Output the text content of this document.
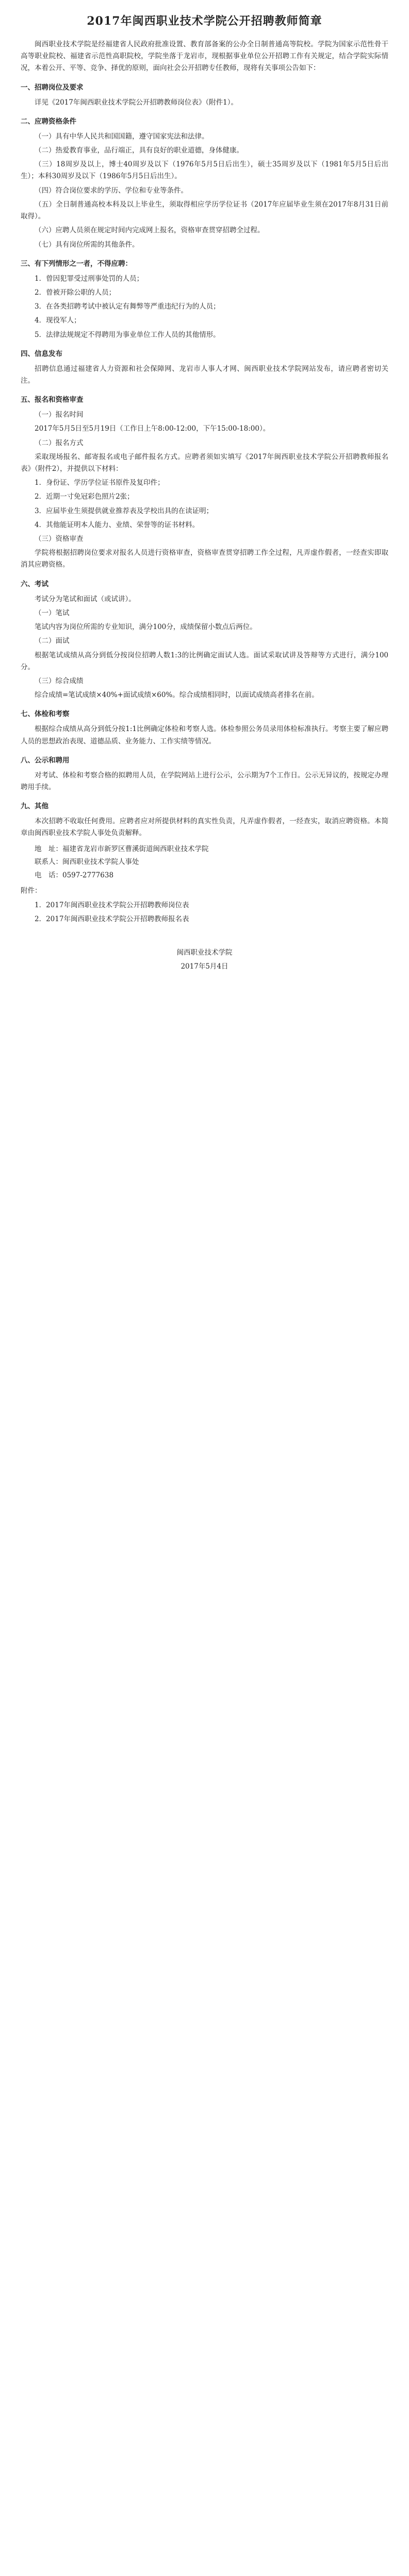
2017年闽西职业技术学院公开招聘教师简章

闽西职业技术学院是经福建省人民政府批准设置、教育部备案的公办全日制普通高等院校。学院为国家示范性骨干高等职业院校、福建省示范性高职院校，学院坐落于龙岩市，现根据事业单位公开招聘工作有关规定，结合学院实际情况，本着公开、平等、竞争、择优的原则，面向社会公开招聘专任教师，现将有关事项公告如下：

一、招聘岗位及要求

详见《2017年闽西职业技术学院公开招聘教师岗位表》（附件1）。

二、应聘资格条件

（一）具有中华人民共和国国籍，遵守国家宪法和法律。

（二）热爱教育事业，品行端正，具有良好的职业道德，身体健康。

（三）18周岁及以上，博士40周岁及以下（1976年5月5日后出生），硕士35周岁及以下（1981年5月5日后出生）；本科30周岁及以下（1986年5月5日后出生）。

（四）符合岗位要求的学历、学位和专业等条件。

（五）全日制普通高校本科及以上毕业生，须取得相应学历学位证书（2017年应届毕业生须在2017年8月31日前取得）。

（六）应聘人员须在规定时间内完成网上报名，资格审查贯穿招聘全过程。

（七）具有岗位所需的其他条件。

三、有下列情形之一者，不得应聘：

1．曾因犯罪受过刑事处罚的人员；

2．曾被开除公职的人员；

3．在各类招聘考试中被认定有舞弊等严重违纪行为的人员；

4．现役军人；

5．法律法规规定不得聘用为事业单位工作人员的其他情形。

四、信息发布

招聘信息通过福建省人力资源和社会保障网、龙岩市人事人才网、闽西职业技术学院网站发布，请应聘者密切关注。

五、报名和资格审查

（一）报名时间

2017年5月5日至5月19日（工作日上午8:00-12:00，下午15:00-18:00）。

（二）报名方式

采取现场报名、邮寄报名或电子邮件报名方式。应聘者须如实填写《2017年闽西职业技术学院公开招聘教师报名表》（附件2），并提供以下材料：

1．身份证、学历学位证书原件及复印件；

2．近期一寸免冠彩色照片2张；

3．应届毕业生须提供就业推荐表及学校出具的在读证明；

4．其他能证明本人能力、业绩、荣誉等的证书材料。

（三）资格审查

学院将根据招聘岗位要求对报名人员进行资格审查，资格审查贯穿招聘工作全过程，凡弄虚作假者，一经查实即取消其应聘资格。

六、考试

考试分为笔试和面试（或试讲）。

（一）笔试

笔试内容为岗位所需的专业知识，满分100分，成绩保留小数点后两位。

（二）面试

根据笔试成绩从高分到低分按岗位招聘人数1:3的比例确定面试人选。面试采取试讲及答辩等方式进行，满分100分。

（三）综合成绩

综合成绩=笔试成绩×40%+面试成绩×60%。综合成绩相同时，以面试成绩高者排名在前。

七、体检和考察

根据综合成绩从高分到低分按1:1比例确定体检和考察人选。体检参照公务员录用体检标准执行。考察主要了解应聘人员的思想政治表现、道德品质、业务能力、工作实绩等情况。

八、公示和聘用

对考试、体检和考察合格的拟聘用人员，在学院网站上进行公示，公示期为7个工作日。公示无异议的，按规定办理聘用手续。

九、其他

本次招聘不收取任何费用。应聘者应对所提供材料的真实性负责，凡弄虚作假者，一经查实，取消应聘资格。本简章由闽西职业技术学院人事处负责解释。

地　址：福建省龙岩市新罗区曹溪街道闽西职业技术学院
联系人：闽西职业技术学院人事处
电　话：0597-2777638

附件：

1．2017年闽西职业技术学院公开招聘教师岗位表

2．2017年闽西职业技术学院公开招聘教师报名表

闽西职业技术学院
2017年5月4日
